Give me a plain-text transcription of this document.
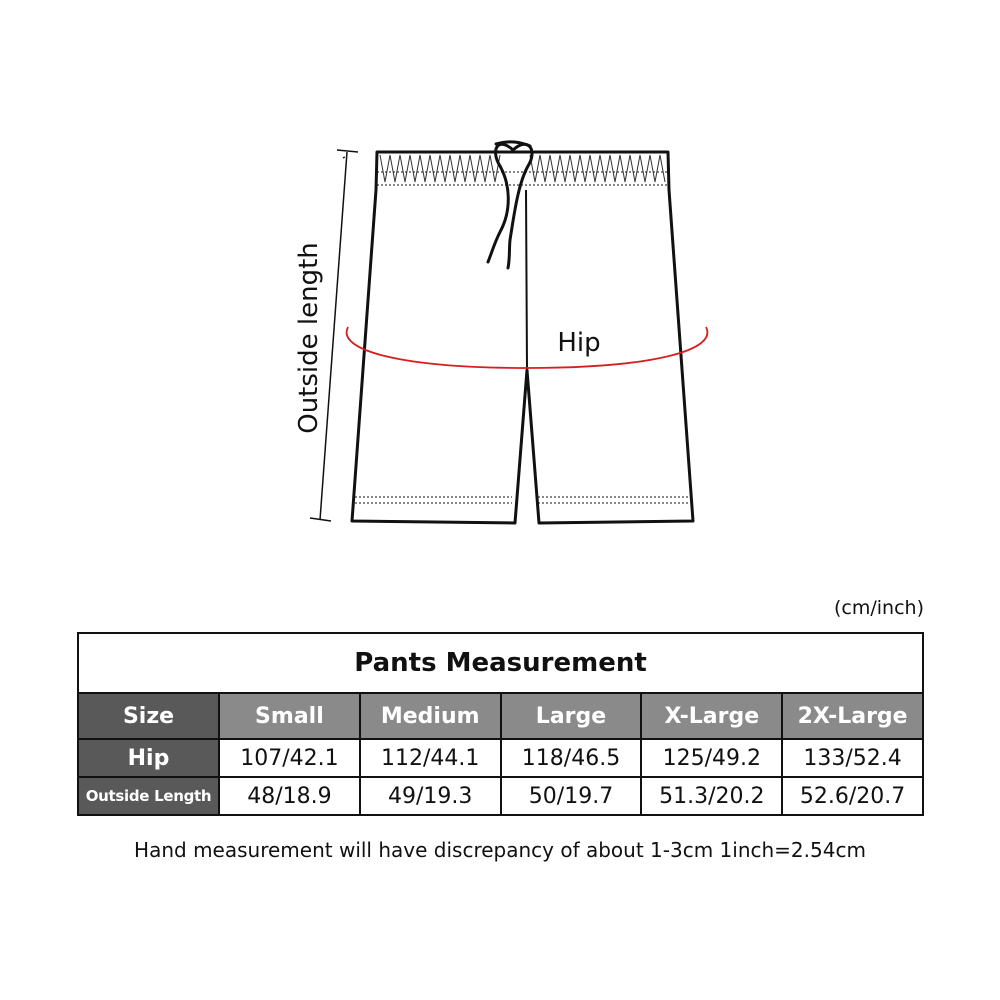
Outside length	Hip
(cm/inch)
Pants Measurement					
Size	Small	Medium	Large	X-Large	2X-Large
Hip	107/42.1	112/44.1	118/46.5	125/49.2	133/52.4
Outside Length	48/18.9	49/19.3	50/19.7	51.3/20.2	52.6/20.7
Hand measurement will have discrepancy of about 1-3cm 1inch=2.54cm
